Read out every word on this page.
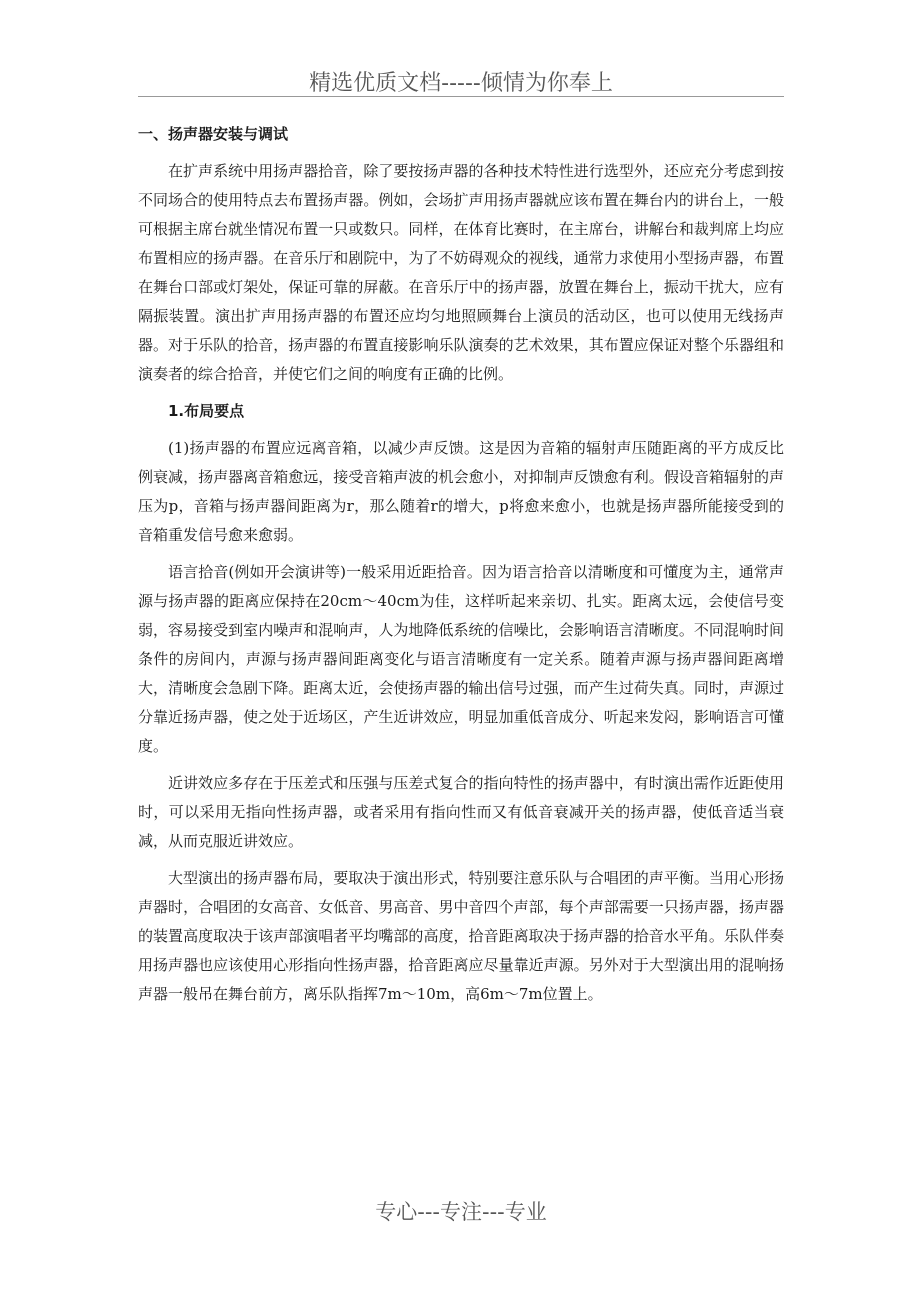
精选优质文档-----倾情为你奉上
一、扬声器安装与调试

在扩声系统中用扬声器拾音，除了要按扬声器的各种技术特性进行选型外，还应充分考虑到按不同场合的使用特点去布置扬声器。例如，会场扩声用扬声器就应该布置在舞台内的讲台上，一般可根据主席台就坐情况布置一只或数只。同样，在体育比赛时，在主席台，讲解台和裁判席上均应布置相应的扬声器。在音乐厅和剧院中，为了不妨碍观众的视线，通常力求使用小型扬声器，布置在舞台口部或灯架处，保证可靠的屏蔽。在音乐厅中的扬声器，放置在舞台上，振动干扰大，应有隔振装置。演出扩声用扬声器的布置还应均匀地照顾舞台上演员的活动区，也可以使用无线扬声器。对于乐队的拾音，扬声器的布置直接影响乐队演奏的艺术效果，其布置应保证对整个乐器组和演奏者的综合拾音，并使它们之间的响度有正确的比例。

1.布局要点

(1)扬声器的布置应远离音箱，以减少声反馈。这是因为音箱的辐射声压随距离的平方成反比例衰减，扬声器离音箱愈远，接受音箱声波的机会愈小，对抑制声反馈愈有利。假设音箱辐射的声压为p，音箱与扬声器间距离为r，那么随着r的增大，p将愈来愈小，也就是扬声器所能接受到的音箱重发信号愈来愈弱。

语言拾音(例如开会演讲等)一般采用近距拾音。因为语言拾音以清晰度和可懂度为主，通常声源与扬声器的距离应保持在20cm～40cm为佳，这样听起来亲切、扎实。距离太远，会使信号变弱，容易接受到室内噪声和混响声，人为地降低系统的信噪比，会影响语言清晰度。不同混响时间条件的房间内，声源与扬声器间距离变化与语言清晰度有一定关系。随着声源与扬声器间距离增大，清晰度会急剧下降。距离太近，会使扬声器的输出信号过强，而产生过荷失真。同时，声源过分靠近扬声器，使之处于近场区，产生近讲效应，明显加重低音成分、听起来发闷，影响语言可懂度。

近讲效应多存在于压差式和压强与压差式复合的指向特性的扬声器中，有时演出需作近距使用时，可以采用无指向性扬声器，或者采用有指向性而又有低音衰减开关的扬声器，使低音适当衰减，从而克服近讲效应。

大型演出的扬声器布局，要取决于演出形式，特别要注意乐队与合唱团的声平衡。当用心形扬声器时，合唱团的女高音、女低音、男高音、男中音四个声部，每个声部需要一只扬声器，扬声器的装置高度取决于该声部演唱者平均嘴部的高度，拾音距离取决于扬声器的拾音水平角。乐队伴奏用扬声器也应该使用心形指向性扬声器，拾音距离应尽量靠近声源。另外对于大型演出用的混响扬声器一般吊在舞台前方，离乐队指挥7m～10m，高6m～7m位置上。

专心---专注---专业
